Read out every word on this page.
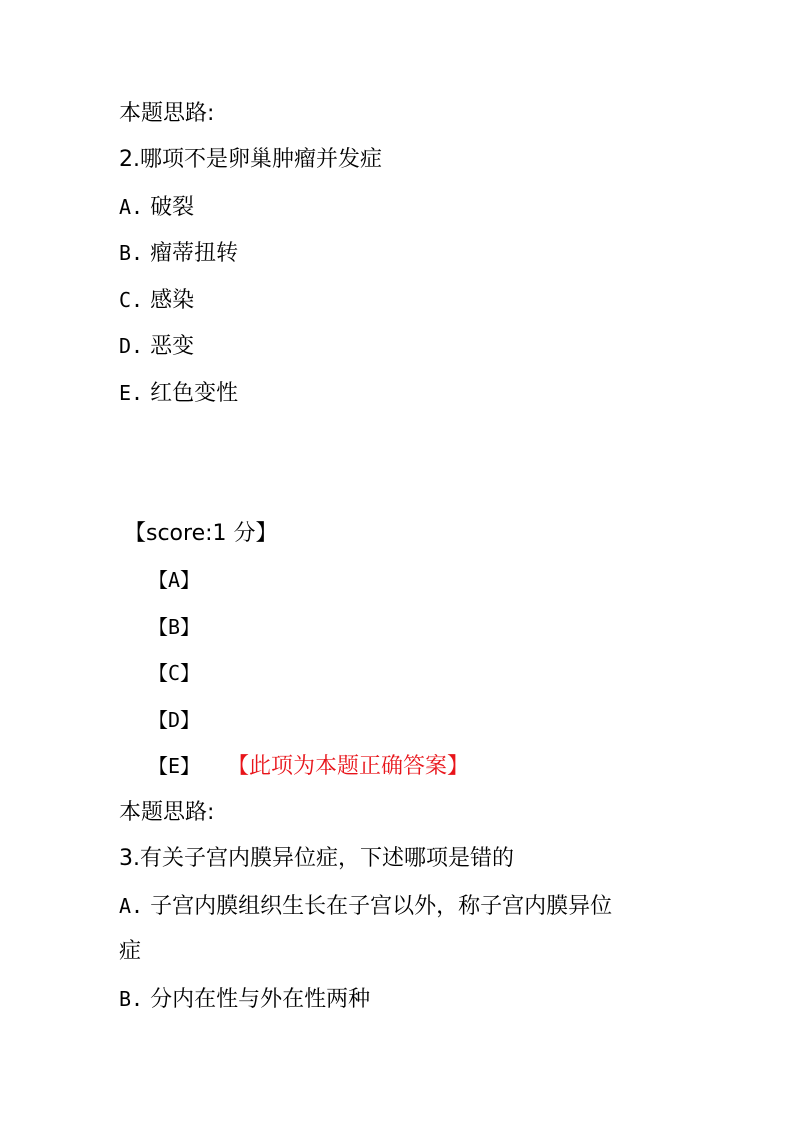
本题思路:
2.哪项不是卵巢肿瘤并发症
A. 破裂
B. 瘤蒂扭转
C. 感染
D. 恶变
E. 红色变性
【score:1 分】
【A】
【B】
【C】
【D】
【E】 【此项为本题正确答案】
本题思路:
3.有关子宫内膜异位症，下述哪项是错的
A. 子宫内膜组织生长在子宫以外，称子宫内膜异位
症
B. 分内在性与外在性两种
